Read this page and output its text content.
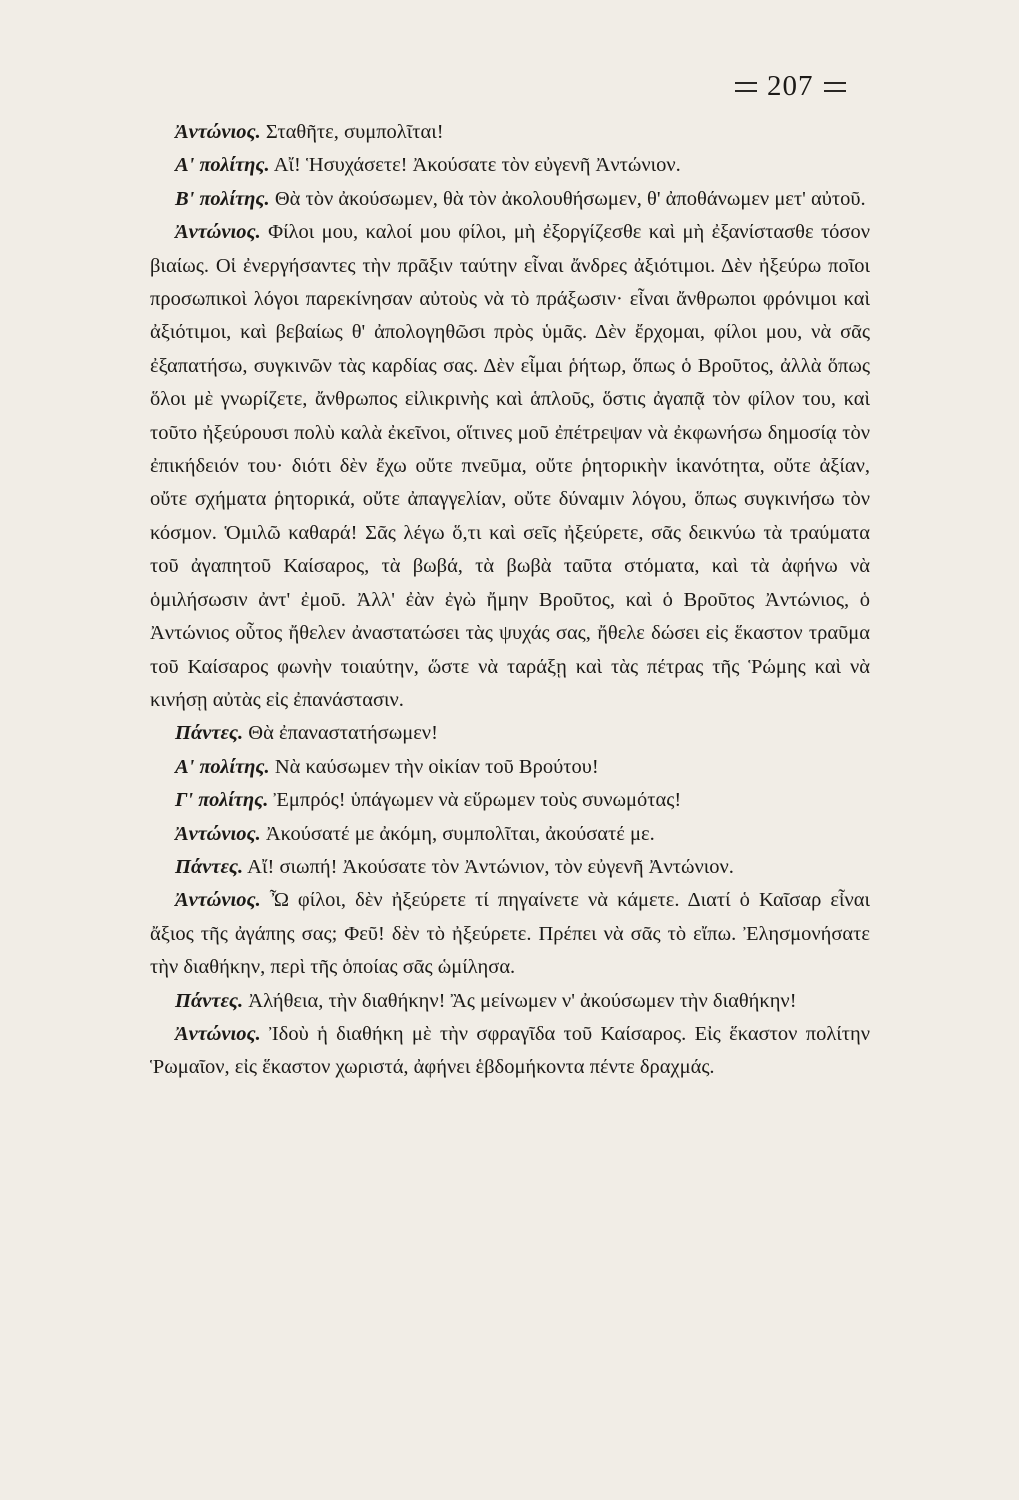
207

Ἀντώνιος. Σταθῆτε, συμπολῖται!

Α' πολίτης. Αἴ! Ἡσυχάσετε! Ἀκούσατε τὸν εὐγενῆ Ἀντώνιον.

Β' πολίτης. Θὰ τὸν ἀκούσωμεν, θὰ τὸν ἀκολουθήσωμεν, θ' ἀποθάνωμεν μετ' αὐτοῦ.

Ἀντώνιος. Φίλοι μου, καλοί μου φίλοι, μὴ ἐξοργίζεσθε καὶ μὴ ἐξανίστασθε τόσον βιαίως. Οἱ ἐνεργήσαντες τὴν πρᾶξιν ταύτην εἶναι ἄνδρες ἀξιότιμοι. Δὲν ἠξεύρω ποῖοι προσωπικοὶ λόγοι παρεκίνησαν αὐτοὺς νὰ τὸ πράξωσιν· εἶναι ἄνθρωποι φρόνιμοι καὶ ἀξιότιμοι, καὶ βεβαίως θ' ἀπολογηθῶσι πρὸς ὑμᾶς. Δὲν ἔρχομαι, φίλοι μου, νὰ σᾶς ἐξαπατήσω, συγκινῶν τὰς καρδίας σας. Δὲν εἶμαι ῥήτωρ, ὅπως ὁ Βροῦτος, ἀλλὰ ὅπως ὅλοι μὲ γνωρίζετε, ἄνθρωπος εἰλικρινὴς καὶ ἁπλοῦς, ὅστις ἀγαπᾷ τὸν φίλον του, καὶ τοῦτο ἠξεύρουσι πολὺ καλὰ ἐκεῖνοι, οἵτινες μοῦ ἐπέτρεψαν νὰ ἐκφωνήσω δημοσίᾳ τὸν ἐπικήδειόν του· διότι δὲν ἔχω οὔτε πνεῦμα, οὔτε ῥητορικὴν ἱκανότητα, οὔτε ἀξίαν, οὔτε σχήματα ῥητορικά, οὔτε ἀπαγγελίαν, οὔτε δύναμιν λόγου, ὅπως συγκινήσω τὸν κόσμον. Ὁμιλῶ καθαρά! Σᾶς λέγω ὅ,τι καὶ σεῖς ἠξεύρετε, σᾶς δεικνύω τὰ τραύματα τοῦ ἀγαπητοῦ Καίσαρος, τὰ βωβά, τὰ βωβὰ ταῦτα στόματα, καὶ τὰ ἀφήνω νὰ ὁμιλήσωσιν ἀντ' ἐμοῦ. Ἀλλ' ἐὰν ἐγὼ ἤμην Βροῦτος, καὶ ὁ Βροῦτος Ἀντώνιος, ὁ Ἀντώνιος οὗτος ἤθελεν ἀναστατώσει τὰς ψυχάς σας, ἤθελε δώσει εἰς ἕκαστον τραῦμα τοῦ Καίσαρος φωνὴν τοιαύτην, ὥστε νὰ ταράξῃ καὶ τὰς πέτρας τῆς Ῥώμης καὶ νὰ κινήσῃ αὐτὰς εἰς ἐπανάστασιν.

Πάντες. Θὰ ἐπαναστατήσωμεν!

Α' πολίτης. Νὰ καύσωμεν τὴν οἰκίαν τοῦ Βρούτου!

Γ' πολίτης. Ἐμπρός! ὑπάγωμεν νὰ εὕρωμεν τοὺς συνωμότας!

Ἀντώνιος. Ἀκούσατέ με ἀκόμη, συμπολῖται, ἀκούσατέ με.

Πάντες. Αἴ! σιωπή! Ἀκούσατε τὸν Ἀντώνιον, τὸν εὐγενῆ Ἀντώνιον.

Ἀντώνιος. Ὦ φίλοι, δὲν ἠξεύρετε τί πηγαίνετε νὰ κάμετε. Διατί ὁ Καῖσαρ εἶναι ἄξιος τῆς ἀγάπης σας; Φεῦ! δὲν τὸ ἠξεύρετε. Πρέπει νὰ σᾶς τὸ εἴπω. Ἐλησμονήσατε τὴν διαθήκην, περὶ τῆς ὁποίας σᾶς ὡμίλησα.

Πάντες. Ἀλήθεια, τὴν διαθήκην! Ἂς μείνωμεν ν' ἀκούσωμεν τὴν διαθήκην!

Ἀντώνιος. Ἰδοὺ ἡ διαθήκη μὲ τὴν σφραγῖδα τοῦ Καίσαρος. Εἰς ἕκαστον πολίτην Ῥωμαῖον, εἰς ἕκαστον χωριστά, ἀφήνει ἑβδομήκοντα πέντε δραχμάς.
